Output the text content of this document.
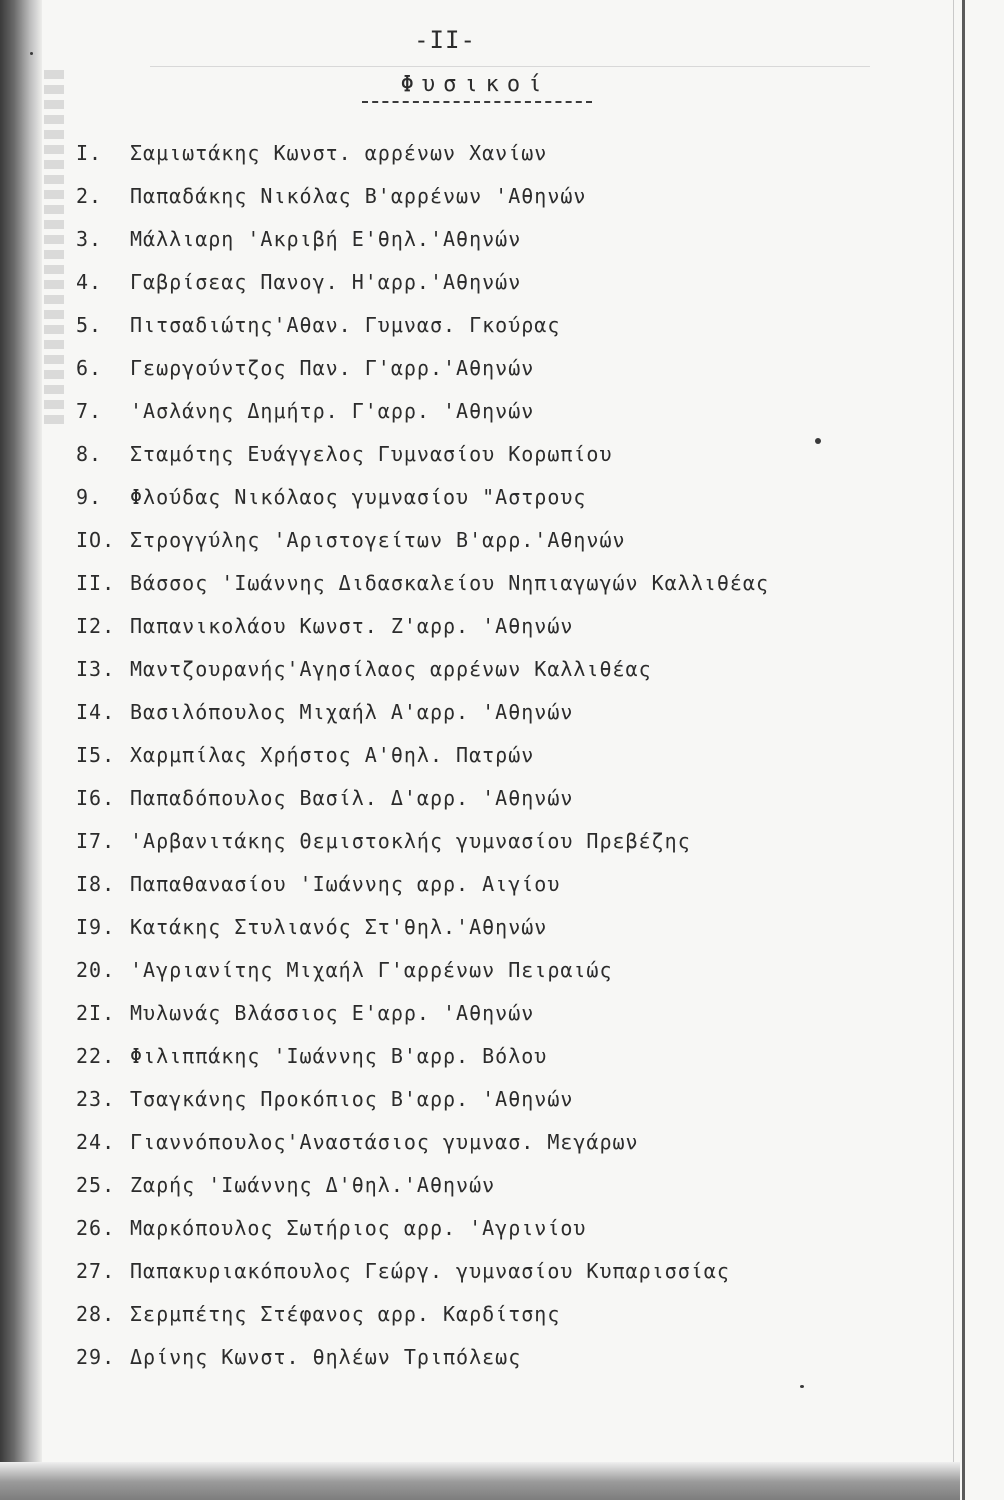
-II-
Φυσικοί
I. Σαμιωτάκης Κωνστ. αρρένων Χανίων
2. Παπαδάκης Νικόλας Β'αρρένων 'Αθηνών
3. Μάλλιαρη 'Ακριβή Ε'θηλ.'Αθηνών
4. Γαβρίσεας Πανογ. Η'αρρ.'Αθηνών
5. Πιτσαδιώτης'Αθαν. Γυμνασ. Γκούρας
6. Γεωργούντζος Παν. Γ'αρρ.'Αθηνών
7. 'Ασλάνης Δημήτρ. Γ'αρρ. 'Αθηνών
8. Σταμότης Ευάγγελος Γυμνασίου Κορωπίου
9. Φλούδας Νικόλαος γυμνασίου "Αστρους
IO. Στρογγύλης 'Αριστογείτων Β'αρρ.'Αθηνών
II. Βάσσος 'Ιωάννης Διδασκαλείου Νηπιαγωγών Καλλιθέας
I2. Παπανικολάου Κωνστ. Ζ'αρρ. 'Αθηνών
I3. Μαντζουρανής'Αγησίλαος αρρένων Καλλιθέας
I4. Βασιλόπουλος Μιχαήλ Α'αρρ. 'Αθηνών
I5. Χαρμπίλας Χρήστος Α'θηλ. Πατρών
I6. Παπαδόπουλος Βασίλ. Δ'αρρ. 'Αθηνών
I7. 'Αρβανιτάκης Θεμιστοκλής γυμνασίου Πρεβέζης
I8. Παπαθανασίου 'Ιωάννης αρρ. Αιγίου
I9. Κατάκης Στυλιανός Στ'θηλ.'Αθηνών
20. 'Αγριανίτης Μιχαήλ Γ'αρρένων Πειραιώς
2I. Μυλωνάς Βλάσσιος Ε'αρρ. 'Αθηνών
22. Φιλιππάκης 'Ιωάννης Β'αρρ. Βόλου
23. Τσαγκάνης Προκόπιος Β'αρρ. 'Αθηνών
24. Γιαννόπουλος'Αναστάσιος γυμνασ. Μεγάρων
25. Ζαρής 'Ιωάννης Δ'θηλ.'Αθηνών
26. Μαρκόπουλος Σωτήριος αρρ. 'Αγρινίου
27. Παπακυριακόπουλος Γεώργ. γυμνασίου Κυπαρισσίας
28. Σερμπέτης Στέφανος αρρ. Καρδίτσης
29. Δρίνης Κωνστ. θηλέων Τριπόλεως
